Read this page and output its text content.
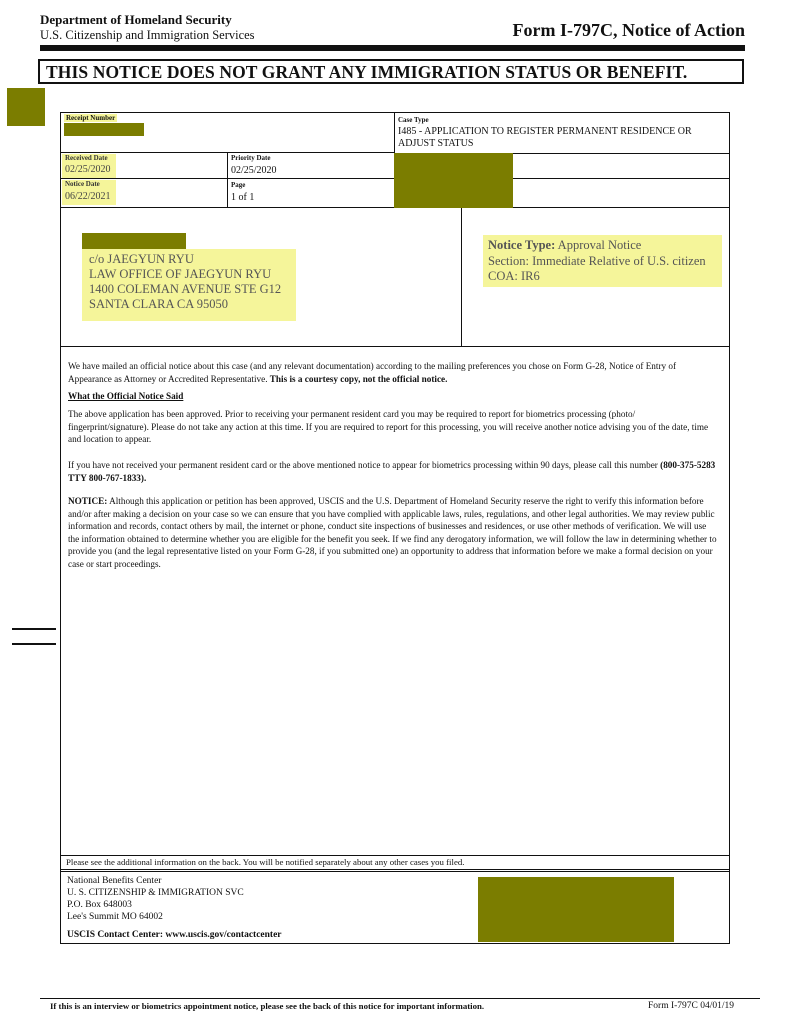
Department of Homeland Security
U.S. Citizenship and Immigration Services	Form I-797C, Notice of Action
THIS NOTICE DOES NOT GRANT ANY IMMIGRATION STATUS OR BENEFIT.
Receipt Number	Case Type
I485 - APPLICATION TO REGISTER PERMANENT RESIDENCE OR
ADJUST STATUS
Received Date
02/25/2020
Priority Date
02/25/2020
Notice Date
06/22/2021
Page
1 of 1
c/o JAEGYUN RYU
LAW OFFICE OF JAEGYUN RYU
1400 COLEMAN AVENUE STE G12
SANTA CLARA CA 95050
Notice Type: Approval Notice
Section: Immediate Relative of U.S. citizen
COA: IR6
We have mailed an official notice about this case (and any relevant documentation) according to the mailing preferences you chose on Form G-28, Notice of Entry of Appearance as Attorney or Accredited Representative. This is a courtesy copy, not the official notice.
What the Official Notice Said
The above application has been approved. Prior to receiving your permanent resident card you may be required to report for biometrics processing (photo/ fingerprint/signature). Please do not take any action at this time. If you are required to report for this processing, you will receive another notice advising you of the date, time and location to appear.
If you have not received your permanent resident card or the above mentioned notice to appear for biometrics processing within 90 days, please call this number (800-375-5283 TTY 800-767-1833).
NOTICE: Although this application or petition has been approved, USCIS and the U.S. Department of Homeland Security reserve the right to verify this information before and/or after making a decision on your case so we can ensure that you have complied with applicable laws, rules, regulations, and other legal authorities. We may review public information and records, contact others by mail, the internet or phone, conduct site inspections of businesses and residences, or use other methods of verification. We will use the information obtained to determine whether you are eligible for the benefit you seek. If we find any derogatory information, we will follow the law in determining whether to provide you (and the legal representative listed on your Form G-28, if you submitted one) an opportunity to address that information before we make a formal decision on your case or start proceedings.
Please see the additional information on the back. You will be notified separately about any other cases you filed.
National Benefits Center
U. S. CITIZENSHIP & IMMIGRATION SVC
P.O. Box 648003
Lee's Summit MO 64002
USCIS Contact Center: www.uscis.gov/contactcenter
If this is an interview or biometrics appointment notice, please see the back of this notice for important information.	Form I-797C 04/01/19
